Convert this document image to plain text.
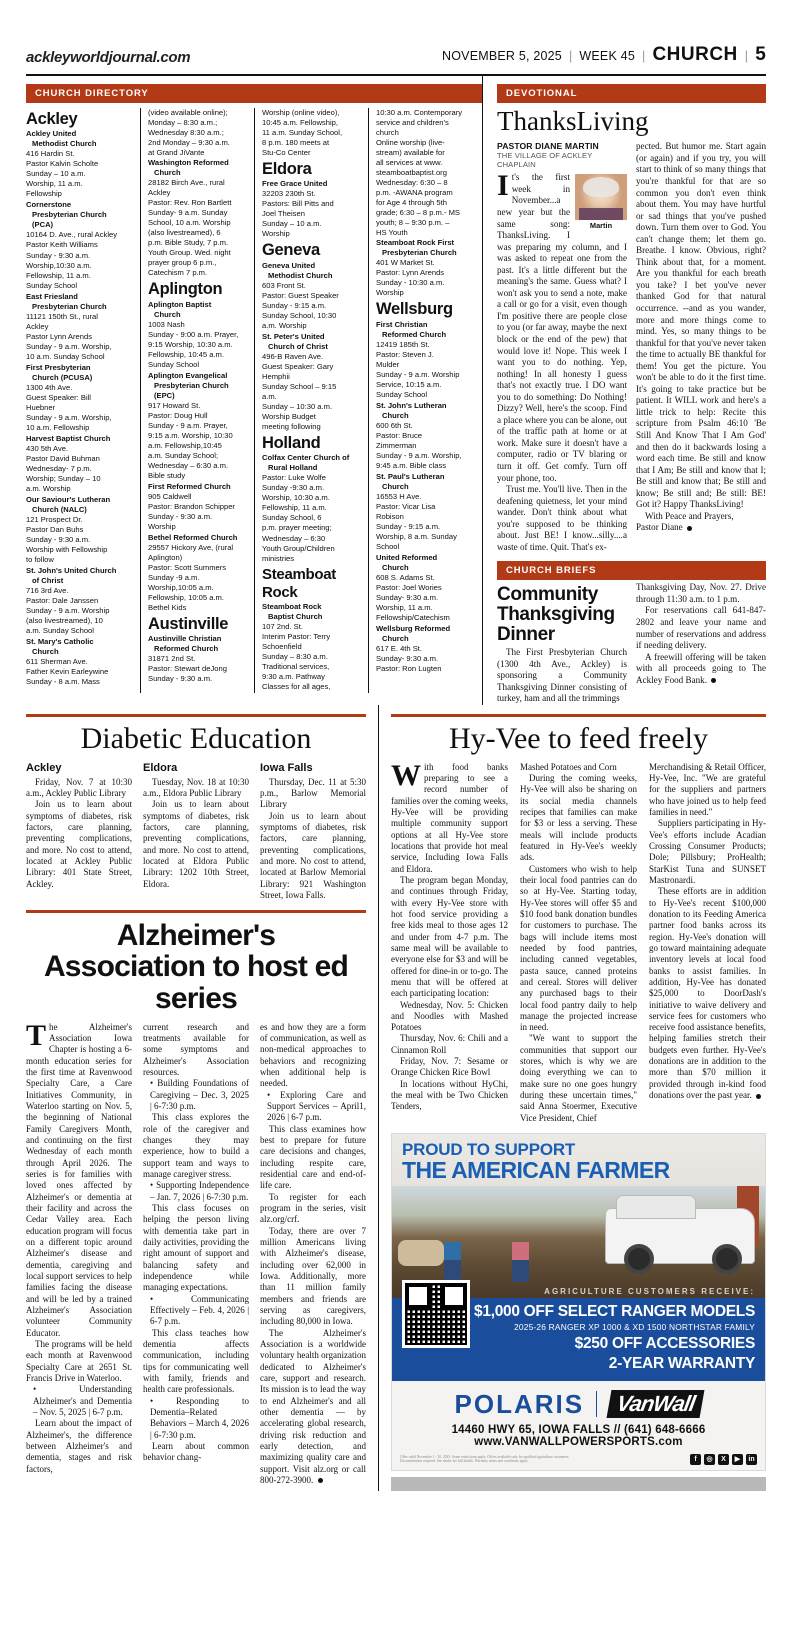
ackleyworldjournal.com	NOVEMBER 5, 2025 | WEEK 45 | CHURCH | 5
CHURCH DIRECTORY
Ackley
Ackley United
Methodist Church
416 Hardin St.
Pastor Kalvin Scholte
Sunday – 10 a.m.
Worship, 11 a.m.
Fellowship
Cornerstone
Presbyterian Church
(PCA)
10164 D. Ave., rural Ackley
Pastor Keith Williams
Sunday - 9:30 a.m.
Worship,10:30 a.m.
Fellowship, 11 a.m.
Sunday School
East Friesland
Presbyterian Church
11121 150th St., rural
Ackley
Pastor Lynn Arends
Sunday - 9 a.m. Worship,
10 a.m. Sunday School
First Presbyterian
Church (PCUSA)
1300 4th Ave.
Guest Speaker: Bill
Huebner
Sunday - 9 a.m. Worship,
10 a.m. Fellowship
Harvest Baptist Church
430 5th Ave.
Pastor David Buhman
Wednesday- 7 p.m.
Worship; Sunday – 10
a.m. Worship
Our Saviour's Lutheran
Church (NALC)
121 Prospect Dr.
Pastor Dan Buhs
Sunday - 9:30 a.m.
Worship with Fellowship
to follow
St. John's United Church
of Christ
716 3rd Ave.
Pastor: Dale Janssen
Sunday - 9 a.m. Worship
(also livestreamed), 10
a.m. Sunday School
St. Mary's Catholic
Church
611 Sherman Ave.
Father Kevin Earleywine
Sunday - 8 a.m. Mass
(video available online);
Monday – 8:30 a.m.;
Wednesday 8:30 a.m.;
2nd Monday – 9:30 a.m.
at Grand JiVante
Washington Reformed
Church
28182 Birch Ave., rural
Ackley
Pastor: Rev. Ron Bartlett
Sunday- 9 a.m. Sunday
School, 10 a.m. Worship
(also livestreamed), 6
p.m. Bible Study, 7 p.m.
Youth Group. Wed. night
prayer group 6 p.m.,
Catechism 7 p.m.
Aplington
Aplington Baptist
Church
1003 Nash
Sunday - 9:00 a.m. Prayer,
9:15 Worship, 10:30 a.m.
Fellowship, 10:45 a.m.
Sunday School
Aplington Evangelical
Presbyterian Church
(EPC)
917 Howard St.
Pastor: Doug Hull
Sunday - 9 a.m. Prayer,
9:15 a.m. Worship, 10:30
a.m. Fellowship,10:45
a.m. Sunday School;
Wednesday – 6:30 a.m.
Bible study
First Reformed Church
905 Caldwell
Pastor: Brandon Schipper
Sunday - 9:30 a.m.
Worship
Bethel Reformed Church
29557 Hickory Ave, (rural
Aplington)
Pastor: Scott Summers
Sunday -9 a.m.
Worship,10:05 a.m.
Fellowship, 10:05 a.m.
Bethel Kids
Austinville
Austinville Christian
Reformed Church
31871 2nd St.
Pastor: Stewart deJong
Sunday - 9:30 a.m.
Worship (online video),
10:45 a.m. Fellowship,
11 a.m. Sunday School,
8 p.m. 180 meets at
Stu-Co Center
Eldora
Free Grace United
32203 230th St.
Pastors: Bill Pitts and
Joel Theisen
Sunday – 10 a.m.
Worship
Geneva
Geneva United
Methodist Church
603 Front St.
Pastor: Guest Speaker
Sunday - 9:15 a.m.
Sunday School, 10:30
a.m. Worship
St. Peter's United
Church of Christ
496-B Raven Ave.
Guest Speaker: Gary
Hemphii
Sunday School – 9:15
a.m.
Sunday – 10:30 a.m.
Worship Budget
meeting following
Holland
Colfax Center Church of
Rural Holland
Pastor: Luke Wolfe
Sunday -9:30 a.m.
Worship, 10:30 a.m.
Fellowship, 11 a.m.
Sunday School, 6
p.m. prayer meeting;
Wednesday – 6:30
Youth Group/Children
ministries
Steamboat
Rock
Steamboat Rock
Baptist Church
107 2nd. St.
Interim Pastor: Terry
Schoenfield
Sunday – 8:30 a.m.
Traditional services,
9:30 a.m. Pathway
Classes for all ages,
10:30 a.m. Contemporary
service and children's
church
Online worship (live-
stream) available for
all services at www.
steamboatbaptist.org
Wednesday: 6:30 – 8
p.m. -AWANA program
for Age 4 through 5th
grade; 6:30 – 8 p.m.- MS
youth; 8 – 9:30 p.m. –
HS Youth
Steamboat Rock First
Presbyterian Church
401 W Market St.
Pastor: Lynn Arends
Sunday - 10:30 a.m.
Worship
Wellsburg
First Christian
Reformed Church
12419 185th St.
Pastor: Steven J.
Mulder
Sunday - 9 a.m. Worship
Service, 10:15 a.m.
Sunday School
St. John's Lutheran
Church
600 6th St.
Pastor: Bruce
Zimmerman
Sunday - 9 a.m. Worship,
9:45 a.m. Bible class
St. Paul's Lutheran
Church
16553 H Ave.
Pastor: Vicar Lisa
Robison
Sunday - 9:15 a.m.
Worship, 8 a.m. Sunday
School
United Reformed
Church
608 S. Adams St.
Pastor: Joel Wories
Sunday- 9:30 a.m.
Worship, 11 a.m.
Fellowship/Catechism
Wellsburg Reformed
Church
617 E. 4th St.
Sunday- 9:30 a.m.
Pastor: Ron Lugten
DEVOTIONAL
ThanksLiving
PASTOR DIANE MARTIN
THE VILLAGE OF ACKLEY CHAPLAIN
Martin

It's the first week in November...a new year but the same song: ThanksLiving. I was preparing my column, and I was asked to repeat one from the past. It's a little different but the meaning's the same. Guess what? I won't ask you to send a note, make a call or go for a visit, even though I'm positive there are people close to you (or far away, maybe the next block or the end of the pew) that would love it! Nope. This week I want you to do nothing. Yep, nothing! In all honesty I guess that's not exactly true. I DO want you to do something: Do Nothing! Dizzy? Well, here's the scoop. Find a place where you can be alone, out of the traffic path at home or at work. Make sure it doesn't have a computer, radio or TV blaring or turn it off. Get comfy. Turn off your phone, too.

Trust me. You'll live. Then in the deafening quietness, let your mind wander. Don't think about what you're supposed to be thinking about. Just BE! I know...silly....a waste of time. Quit. That's ex-

pected. But humor me. Start again (or again) and if you try, you will start to think of so many things that you're thankful for that are so common you don't even think about them. You may have hurtful or sad things that you've pushed down. Turn them over to God. You can't change them; let them go. Breathe. I know. Obvious, right? Think about that, for a moment. Are you thankful for each breath you take? I bet you've never thanked God for that natural occurrence. --and as you wander, more and more things come to mind. Yes, so many things to be thankful for that you've never taken the time to actually BE thankful for them! You get the picture. You won't be able to do it the first time. It's going to take practice but be patient. It WILL work and here's a little trick to help: Recite this scripture from Psalm 46:10 'Be Still And Know That I Am God' and then do it backwards losing a word each time. Be still and know that I Am; Be still and know that I; Be still and know that; Be still and know; Be still and; Be still: BE! Got it? Happy ThanksLiving!

With Peace and Prayers,

Pastor Diane

CHURCH BRIEFS
Community
Thanksgiving
Dinner

The First Presbyterian Church (1300 4th Ave., Ackley) is sponsoring a Community Thanksgiving Dinner consisting of turkey, ham and all the trimmings

Thanksgiving Day, Nov. 27. Drive through 11:30 a.m. to 1 p.m.

For reservations call 641-847-2802 and leave your name and number of reservations and address if needing delivery.

A freewill offering will be taken with all proceeds going to The Ackley Food Bank.

Diabetic Education
Ackley

Friday, Nov. 7 at 10:30 a.m., Ackley Public Library

Join us to learn about symptoms of diabetes, risk factors, care planning, preventing complications, and more. No cost to attend, located at Ackley Public Library: 401 State Street, Ackley.

Eldora

Tuesday, Nov. 18 at 10:30 a.m., Eldora Public Library

Join us to learn about symptoms of diabetes, risk factors, care planning, preventing complications, and more. No cost to attend, located at Eldora Public Library: 1202 10th Street, Eldora.

Iowa Falls

Thursday, Dec. 11 at 5:30 p.m., Barlow Memorial Library

Join us to learn about symptoms of diabetes, risk factors, care planning, preventing complications, and more. No cost to attend, located at Barlow Memorial Library: 921 Washington Street, Iowa Falls.

Alzheimer's
Association to host ed
series

The Alzheimer's Association Iowa Chapter is hosting a 6-month education series for the first time at Ravenwood Specialty Care, a Care Initiatives Community, in Waterloo starting on Nov. 5, the beginning of National Family Caregivers Month, and continuing on the first Wednesday of each month through April 2026. The series is for families with loved ones affected by Alzheimer's or dementia at their facility and across the Cedar Valley area. Each education program will focus on a different topic around Alzheimer's disease and dementia, caregiving and local support services to help families facing the disease and will be led by a trained Alzheimer's Association volunteer Community Educator.

The programs will be held each month at Ravenwood Specialty Care at 2651 St. Francis Drive in Waterloo.

• Understanding Alzheimer's and Dementia – Nov. 5, 2025 | 6-7 p.m.

Learn about the impact of Alzheimer's, the difference between Alzheimer's and dementia, stages and risk factors,

current research and treatments available for some symptoms and Alzheimer's Association resources.

• Building Foundations of Caregiving – Dec. 3, 2025 | 6-7:30 p.m.

This class explores the role of the caregiver and changes they may experience, how to build a support team and ways to manage caregiver stress.

• Supporting Independence – Jan. 7, 2026 | 6-7:30 p.m.

This class focuses on helping the person living with dementia take part in daily activities, providing the right amount of support and balancing safety and independence while managing expectations.

• Communicating Effectively – Feb. 4, 2026 | 6-7 p.m.

This class teaches how dementia affects communication, including tips for communicating well with family, friends and health care professionals.

• Responding to Dementia–Related Behaviors – March 4, 2026 | 6-7:30 p.m.

Learn about common behavior chang-

es and how they are a form of communication, as well as non-medical approaches to behaviors and recognizing when additional help is needed.

• Exploring Care and Support Services – April1, 2026 | 6-7 p.m.

This class examines how best to prepare for future care decisions and changes, including respite care, residential care and end-of-life care.

To register for each program in the series, visit alz.org/crf.

Today, there are over 7 million Americans living with Alzheimer's disease, including over 62,000 in Iowa. Additionally, more than 11 million family members and friends are serving as caregivers, including 80,000 in Iowa.

The Alzheimer's Association is a worldwide voluntary health organization dedicated to Alzheimer's care, support and research. Its mission is to lead the way to end Alzheimer's and all other dementia — by accelerating global research, driving risk reduction and early detection, and maximizing quality care and support. Visit alz.org or call 800-272-3900.

Hy-Vee to feed freely

With food banks preparing to see a record number of families over the coming weeks, Hy-Vee will be providing multiple community support options at all Hy-Vee store locations that provide hot meal service, Including Iowa Falls and Eldora.

The program began Monday, and continues through Friday, with every Hy-Vee store with hot food service providing a free kids meal to those ages 12 and under from 4-7 p.m. The same meal will be available to everyone else for $3 and will be offered for dine-in or to-go. The menu that will be offered at each participating location:

Wednesday, Nov. 5: Chicken and Noodles with Mashed Potatoes

Thursday, Nov. 6: Chili and a Cinnamon Roll

Friday, Nov. 7: Sesame or Orange Chicken Rice Bowl

In locations without HyChi, the meal with be Two Chicken Tenders,

Mashed Potatoes and Corn

During the coming weeks, Hy-Vee will also be sharing on its social media channels recipes that families can make for $3 or less a serving. These meals will include products featured in Hy-Vee's weekly ads.

Customers who wish to help their local food pantries can do so at Hy-Vee. Starting today, Hy-Vee stores will offer $5 and $10 food bank donation bundles for customers to purchase. The bags will include items most needed by food pantries, including canned vegetables, pasta sauce, canned proteins and cereal. Stores will deliver any purchased bags to their local food pantry daily to help manage the projected increase in need.

"We want to support the communities that support our stores, which is why we are doing everything we can to make sure no one goes hungry during these uncertain times," said Anna Stoermer, Executive Vice President, Chief

Merchandising & Retail Officer, Hy-Vee, Inc. "We are grateful for the suppliers and partners who have joined us to help feed families in need."

Suppliers participating in Hy-Vee's efforts include Acadian Crossing Consumer Products; Dole; Pillsbury; ProHealth; StarKist Tuna and SUNSET Mastronardi.

These efforts are in addition to Hy-Vee's recent $100,000 donation to its Feeding America partner food banks across its region. Hy-Vee's donation will go toward maintaining adequate inventory levels at local food banks to assist families. In addition, Hy-Vee has donated $25,000 to DoorDash's initiative to waive delivery and service fees for customers who receive food assistance benefits, helping families stretch their budgets even further. Hy-Vee's donations are in addition to the more than $70 million it provided through in-kind food donations over the past year.

PROUD TO SUPPORT
THE AMERICAN FARMER
AGRICULTURE CUSTOMERS RECEIVE:
$1,000 OFF SELECT RANGER MODELS
2025-26 RANGER XP 1000 & XD 1500 NORTHSTAR FAMILY
$250 OFF ACCESSORIES
2-YEAR WARRANTY
POLARIS	VanWall
14460 HWY 65, IOWA FALLS // (641) 648-6666
www.VANWALLPOWERSPORTS.com
Offer valid November 1 - 30, 2025. Some restrictions apply. Offers available only for qualified agriculture customers. Documentation required. See dealer for full details. Warranty terms and conditions apply.	f	◎	X	▶	in
